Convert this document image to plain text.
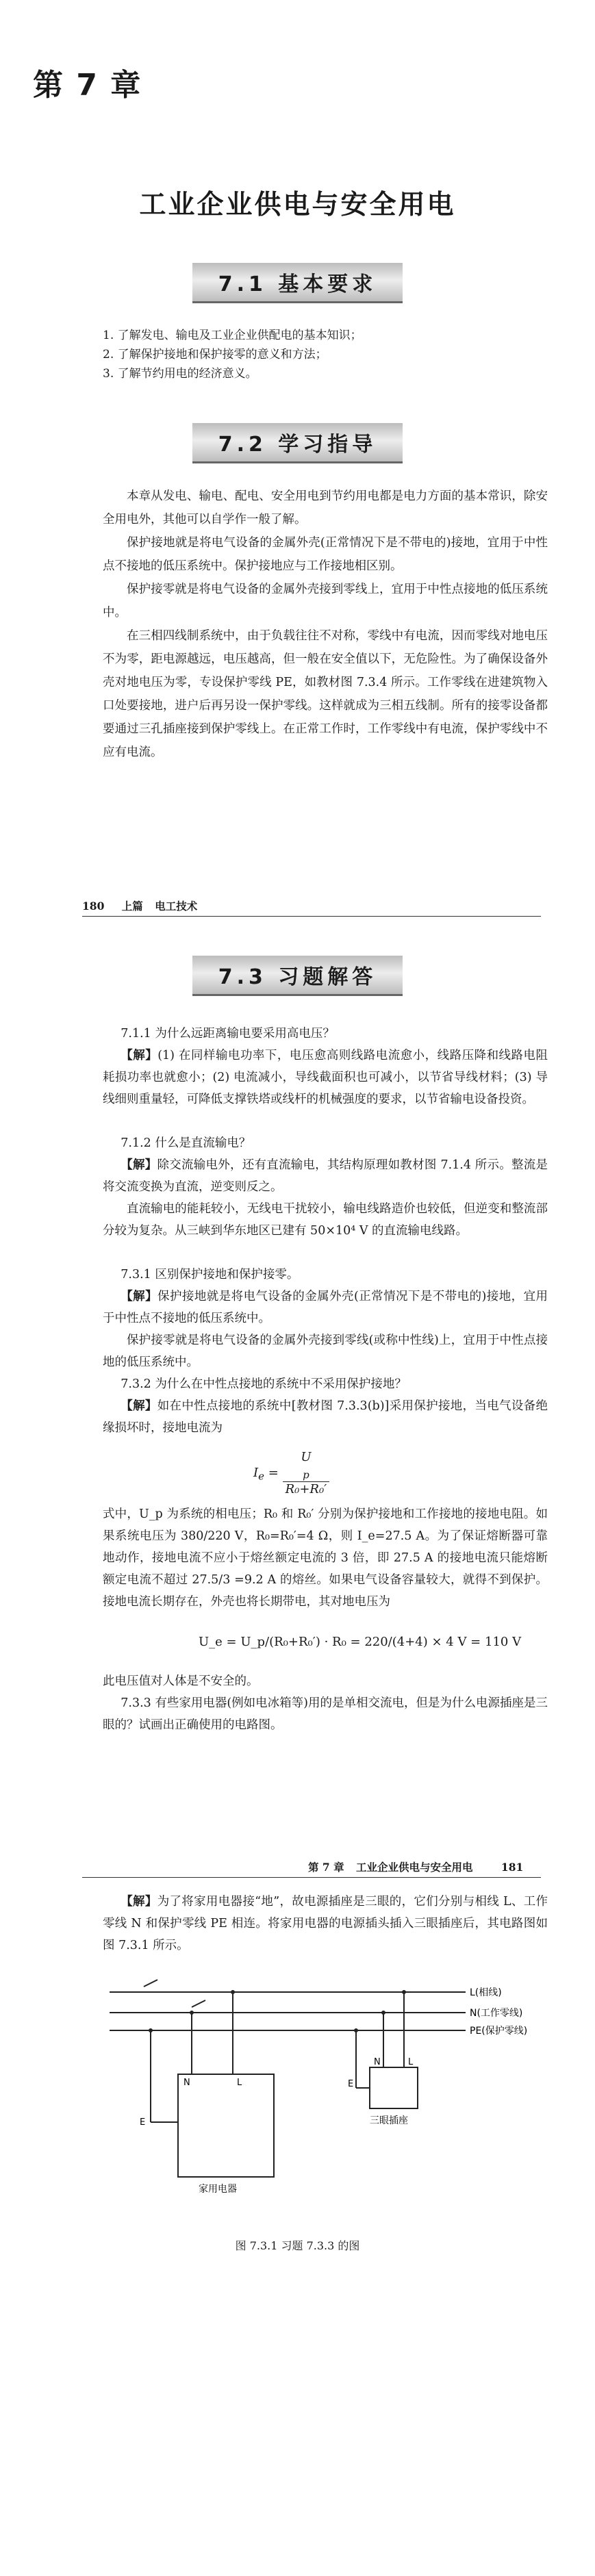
第 7 章
工业企业供电与安全用电
7.1 基本要求
1. 了解发电、输电及工业企业供配电的基本知识；
2. 了解保护接地和保护接零的意义和方法；
3. 了解节约用电的经济意义。
7.2 学习指导
本章从发电、输电、配电、安全用电到节约用电都是电力方面的基本常识，除安全用电外，其他可以自学作一般了解。
保护接地就是将电气设备的金属外壳(正常情况下是不带电的)接地，宜用于中性点不接地的低压系统中。保护接地应与工作接地相区别。
保护接零就是将电气设备的金属外壳接到零线上，宜用于中性点接地的低压系统中。
在三相四线制系统中，由于负载往往不对称，零线中有电流，因而零线对地电压不为零，距电源越远，电压越高，但一般在安全值以下，无危险性。为了确保设备外壳对地电压为零，专设保护零线 PE，如教材图 7.3.4 所示。工作零线在进建筑物入口处要接地，进户后再另设一保护零线。这样就成为三相五线制。所有的接零设备都要通过三孔插座接到保护零线上。在正常工作时，工作零线中有电流，保护零线中不应有电流。
180 上篇 电工技术
7.3 习题解答
7.1.1 为什么远距离输电要采用高电压？
【解】(1) 在同样输电功率下，电压愈高则线路电流愈小，线路压降和线路电阻耗损功率也就愈小；(2) 电流减小，导线截面积也可减小，以节省导线材料；(3) 导线细则重量轻，可降低支撑铁塔或线杆的机械强度的要求，以节省输电设备投资。
7.1.2 什么是直流输电？
【解】除交流输电外，还有直流输电，其结构原理如教材图 7.1.4 所示。整流是将交流变换为直流，逆变则反之。
直流输电的能耗较小，无线电干扰较小，输电线路造价也较低，但逆变和整流部分较为复杂。从三峡到华东地区已建有 50×10⁴ V 的直流输电线路。
7.3.1 区别保护接地和保护接零。
【解】保护接地就是将电气设备的金属外壳(正常情况下是不带电的)接地，宜用于中性点不接地的低压系统中。
保护接零就是将电气设备的金属外壳接到零线(或称中性线)上，宜用于中性点接地的低压系统中。
7.3.2 为什么在中性点接地的系统中不采用保护接地？
【解】如在中性点接地的系统中[教材图 7.3.3(b)]采用保护接地，当电气设备绝缘损坏时，接地电流为
$I_e = U$
$_p$
R₀+R₀′
式中，U_p 为系统的相电压；R₀ 和 R₀′ 分别为保护接地和工作接地的接地电阻。如果系统电压为 380/220 V，R₀=R₀′=4 Ω，则 I_e=27.5 A。为了保证熔断器可靠地动作，接地电流不应小于熔丝额定电流的 3 倍，即 27.5 A 的接地电流只能熔断额定电流不超过 27.5/3 =9.2 A 的熔丝。如果电气设备容量较大，就得不到保护。接地电流长期存在，外壳也将长期带电，其对地电压为
U_e = U_p/(R₀+R₀′) · R₀ = 220/(4+4) × 4 V = 110 V
此电压值对人体是不安全的。
7.3.3 有些家用电器(例如电冰箱等)用的是单相交流电，但是为什么电源插座是三眼的？试画出正确使用的电路图。
第 7 章 工业企业供电与安全用电	181
【解】为了将家用电器接“地”，故电源插座是三眼的，它们分别与相线 L、工作零线 N 和保护零线 PE 相连。将家用电器的电源插头插入三眼插座后，其电路图如图 7.3.1 所示。
L(相线)
N(工作零线)
PE(保护零线)
N	L
E
E
L
N
三眼插座
家用电器
图 7.3.1 习题 7.3.3 的图
